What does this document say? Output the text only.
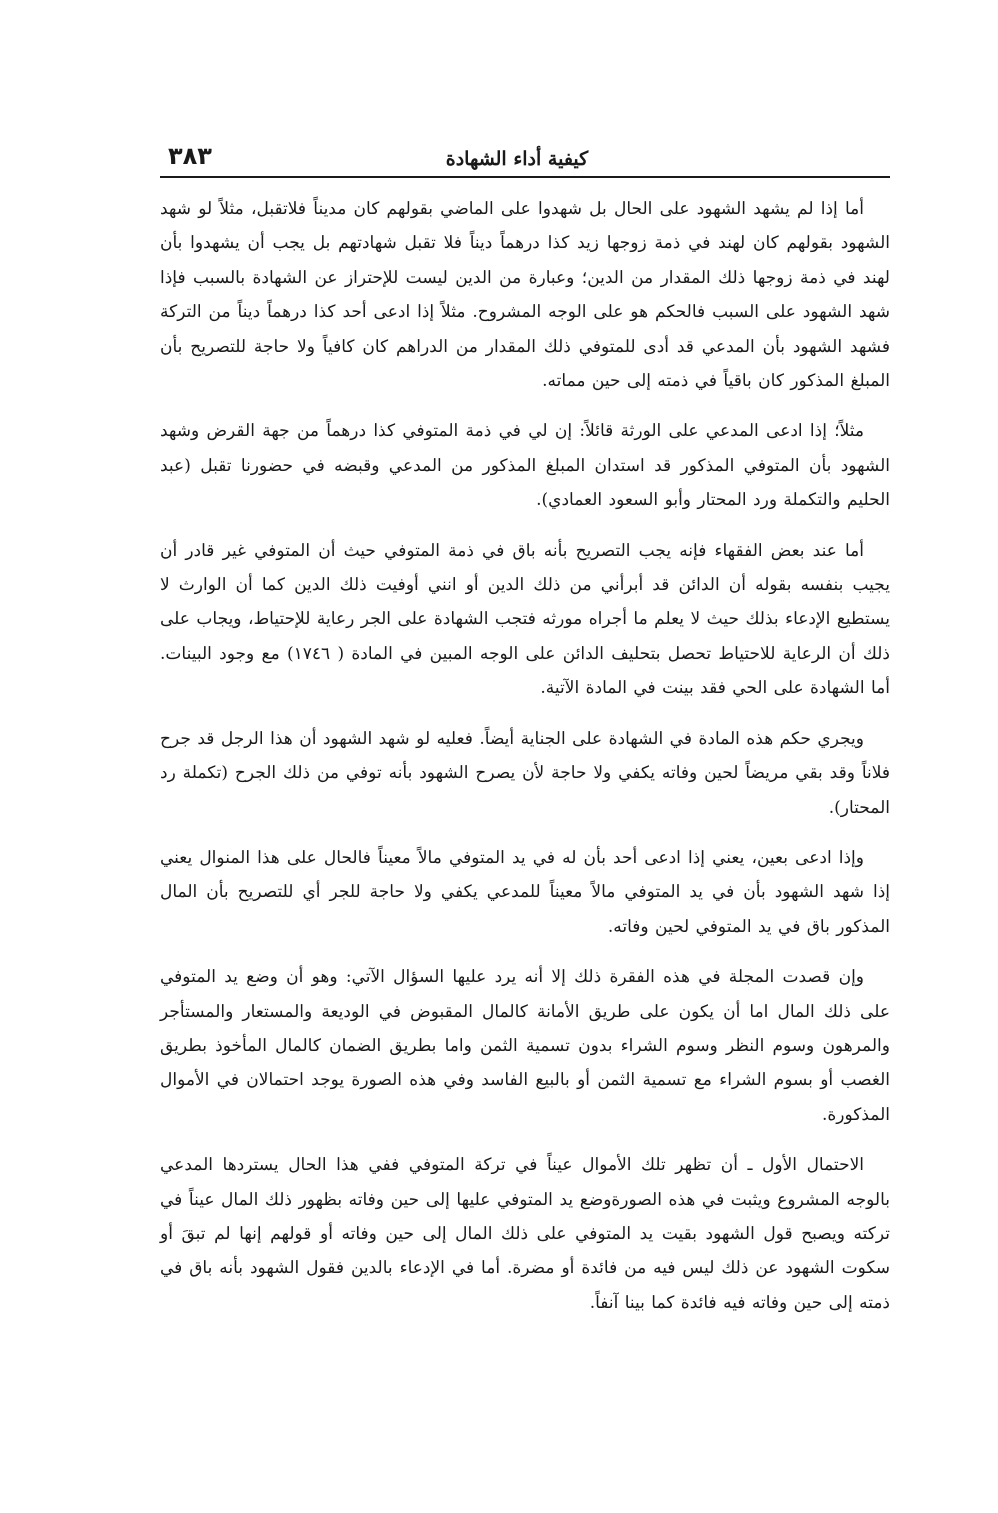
كيفية أداء الشهادة
٣٨٣

أما إذا لم يشهد الشهود على الحال بل شهدوا على الماضي بقولهم كان مديناً فلاتقبل، مثلاً لو شهد الشهود بقولهم كان لهند في ذمة زوجها زيد كذا درهماً ديناً فلا تقبل شهادتهم بل يجب أن يشهدوا بأن لهند في ذمة زوجها ذلك المقدار من الدين؛ وعبارة من الدين ليست للإحتراز عن الشهادة بالسبب فإذا شهد الشهود على السبب فالحكم هو على الوجه المشروح. مثلاً إذا ادعى أحد كذا درهماً ديناً من التركة فشهد الشهود بأن المدعي قد أدى للمتوفي ذلك المقدار من الدراهم كان كافياً ولا حاجة للتصريح بأن المبلغ المذكور كان باقياً في ذمته إلى حين مماته.

مثلاً؛ إذا ادعى المدعي على الورثة قائلاً: إن لي في ذمة المتوفي كذا درهماً من جهة القرض وشهد الشهود بأن المتوفي المذكور قد استدان المبلغ المذكور من المدعي وقبضه في حضورنا تقبل (عبد الحليم والتكملة ورد المحتار وأبو السعود العمادي).

أما عند بعض الفقهاء فإنه يجب التصريح بأنه باق في ذمة المتوفي حيث أن المتوفي غير قادر أن يجيب بنفسه بقوله أن الدائن قد أبرأني من ذلك الدين أو انني أوفيت ذلك الدين كما أن الوارث لا يستطيع الإدعاء بذلك حيث لا يعلم ما أجراه مورثه فتجب الشهادة على الجر رعاية للإحتياط، ويجاب على ذلك أن الرعاية للاحتياط تحصل بتحليف الدائن على الوجه المبين في المادة ( ١٧٤٦) مع وجود البينات. أما الشهادة على الحي فقد بينت في المادة الآتية.

ويجري حكم هذه المادة في الشهادة على الجناية أيضاً. فعليه لو شهد الشهود أن هذا الرجل قد جرح فلاناً وقد بقي مريضاً لحين وفاته يكفي ولا حاجة لأن يصرح الشهود بأنه توفي من ذلك الجرح (تكملة رد المحتار).

وإذا ادعى بعين، يعني إذا ادعى أحد بأن له في يد المتوفي مالاً معيناً فالحال على هذا المنوال يعني إذا شهد الشهود بأن في يد المتوفي مالاً معيناً للمدعي يكفي ولا حاجة للجر أي للتصريح بأن المال المذكور باق في يد المتوفي لحين وفاته.

وإن قصدت المجلة في هذه الفقرة ذلك إلا أنه يرد عليها السؤال الآتي: وهو أن وضع يد المتوفي على ذلك المال اما أن يكون على طريق الأمانة كالمال المقبوض في الوديعة والمستعار والمستأجر والمرهون وسوم النظر وسوم الشراء بدون تسمية الثمن واما بطريق الضمان كالمال المأخوذ بطريق الغصب أو بسوم الشراء مع تسمية الثمن أو بالبيع الفاسد وفي هذه الصورة يوجد احتمالان في الأموال المذكورة.

الاحتمال الأول ـ أن تظهر تلك الأموال عيناً في تركة المتوفي ففي هذا الحال يستردها المدعي بالوجه المشروع ويثبت في هذه الصورةوضع يد المتوفي عليها إلى حين وفاته بظهور ذلك المال عيناً في تركته ويصبح قول الشهود بقيت يد المتوفي على ذلك المال إلى حين وفاته أو قولهم إنها لم تبقَ أو سكوت الشهود عن ذلك ليس فيه من فائدة أو مضرة. أما في الإدعاء بالدين فقول الشهود بأنه باق في ذمته إلى حين وفاته فيه فائدة كما بينا آنفاً.
